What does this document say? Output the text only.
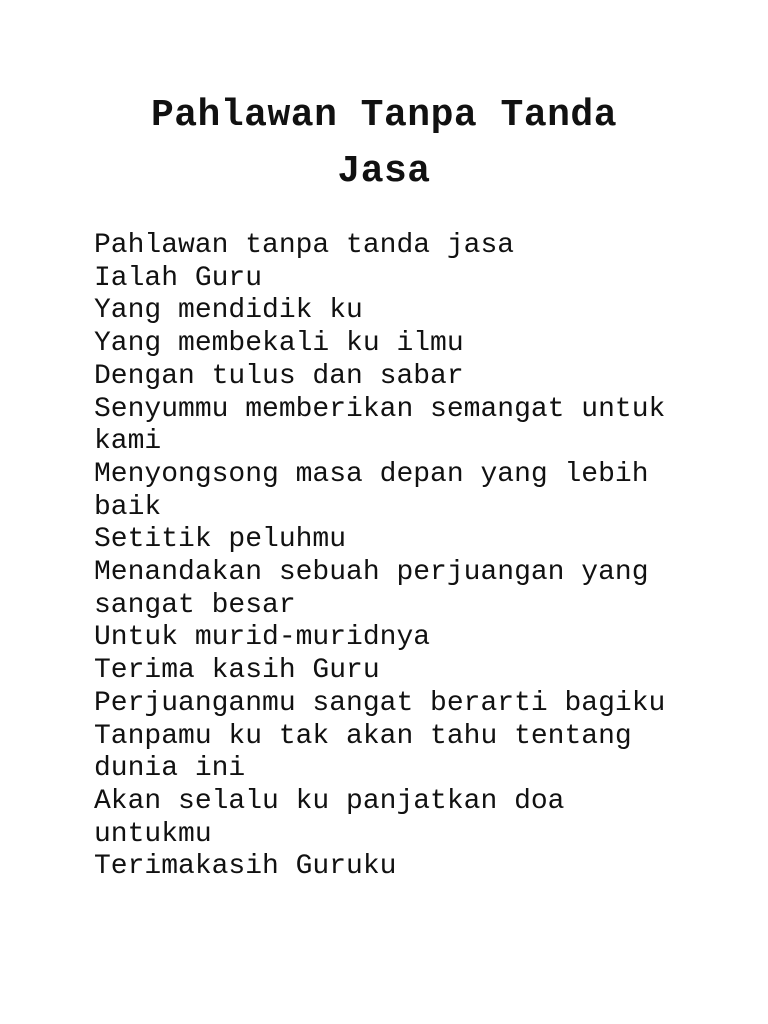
Pahlawan Tanpa Tanda
Jasa
Pahlawan tanpa tanda jasa
Ialah Guru
Yang mendidik ku
Yang membekali ku ilmu
Dengan tulus dan sabar
Senyummu memberikan semangat untuk
kami
Menyongsong masa depan yang lebih
baik
Setitik peluhmu
Menandakan sebuah perjuangan yang
sangat besar
Untuk murid-muridnya
Terima kasih Guru
Perjuanganmu sangat berarti bagiku
Tanpamu ku tak akan tahu tentang
dunia ini
Akan selalu ku panjatkan doa
untukmu
Terimakasih Guruku
